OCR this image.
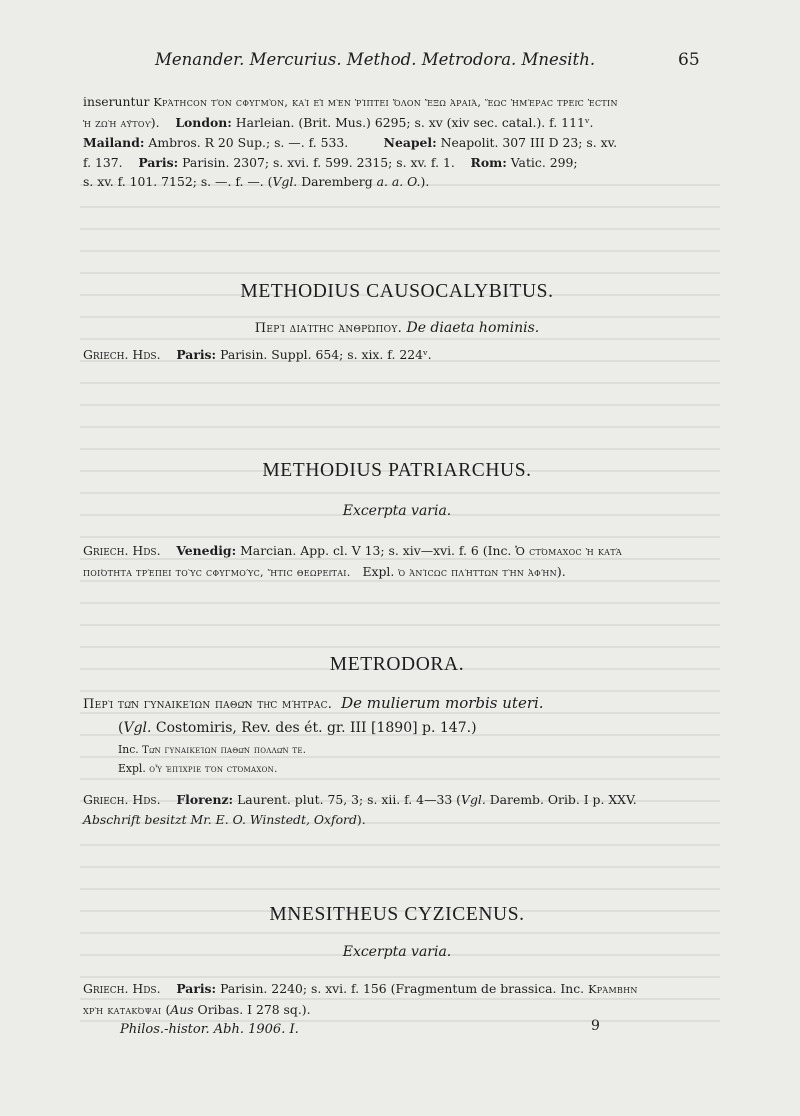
Menander. Mercurius. Method. Metrodora. Mnesith.	65
inseruntur Κράτηcon τὸν cφυγμὸν, καὶ εἰ μὲν ῥίπτει ὅλον ἔξω ἀραιά, ἕωc ἡμέραc τρεῖc ἐcτιν
ἡ ζωὴ αὐτοῦ). London: Harleian. (Brit. Mus.) 6295; s. xv (xiv sec. catal.). f. 111ᵛ.
Mailand: Ambros. R 20 Sup.; s. —. f. 533.	Neapel: Neapolit. 307 III D 23; s. xv.
f. 137. Paris: Parisin. 2307; s. xvi. f. 599. 2315; s. xv. f. 1. Rom: Vatic. 299;
s. xv. f. 101. 7152; s. —. f. —. (Vgl. Daremberg a. a. O.).
METHODIUS CAUSOCALYBITUS.
Περὶ διαίτηc ἀνθρώπου. De diaeta hominis.
Griech. Hds. Paris: Parisin. Suppl. 654; s. xix. f. 224ᵛ.
METHODIUS PATRIARCHUS.
Excerpta varia.
Griech. Hds. Venedig: Marcian. App. cl. V 13; s. xiv—xvi. f. 6 (Inc. Ὁ cτόμαχοc ἡ κατὰ
ποιότητα τρέπει τοὺc cφυγμούc, ἥτιc θεωρεῖται. Expl. ὁ ἀνίcωc πλήττων τὴν ἀφήν).
METRODORA.
Περὶ τῶν γυναικείων παθῶν τῆc μήτραc. De mulierum morbis uteri.
(Vgl. Costomiris, Rev. des ét. gr. III [1890] p. 147.)
Inc. Τῶν γυναικείων παθῶν πολλῶν τε.
Expl. οὗ ἐπίχριε τὸν cτόμαχον.
Griech. Hds. Florenz: Laurent. plut. 75, 3; s. xii. f. 4—33 (Vgl. Daremb. Orib. I p. XXV.
Abschrift besitzt Mr. E. O. Winstedt, Oxford).
MNESITHEUS CYZICENUS.
Excerpta varia.
Griech. Hds. Paris: Parisin. 2240; s. xvi. f. 156 (Fragmentum de brassica. Inc. Κράμβην
χρὴ κατακόψαι (Aus Oribas. I 278 sq.).
Philos.-histor. Abh. 1906. I.	9
